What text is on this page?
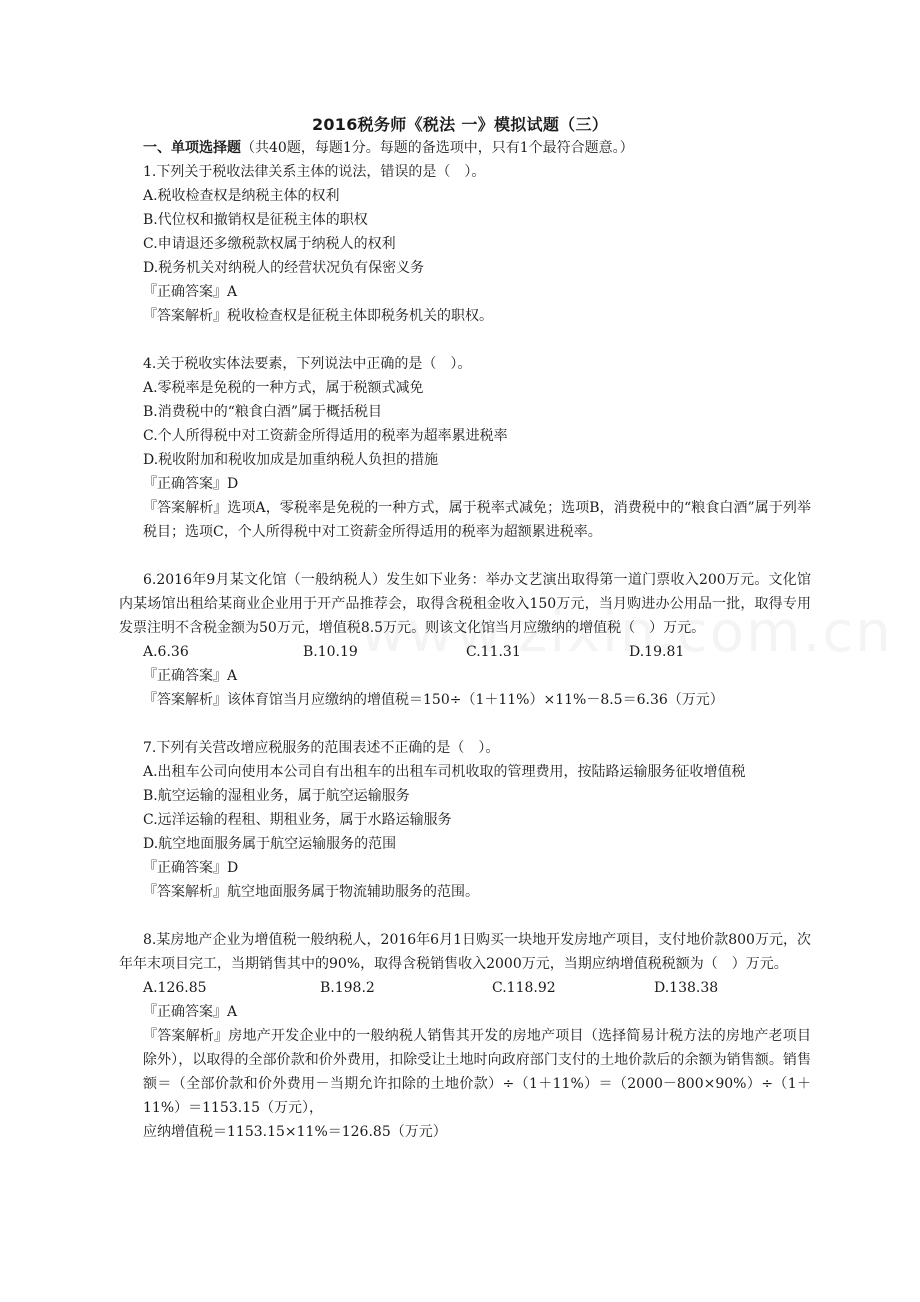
2016税务师《税法 一》模拟试题（三）

一、单项选择题（共40题，每题1分。每题的备选项中，只有1个最符合题意。）

1.下列关于税收法律关系主体的说法，错误的是（　）。

A.税收检查权是纳税主体的权利

B.代位权和撤销权是征税主体的职权

C.申请退还多缴税款权属于纳税人的权利

D.税务机关对纳税人的经营状况负有保密义务

『正确答案』A

『答案解析』税收检查权是征税主体即税务机关的职权。

4.关于税收实体法要素，下列说法中正确的是（　）。

A.零税率是免税的一种方式，属于税额式减免

B.消费税中的“粮食白酒”属于概括税目

C.个人所得税中对工资薪金所得适用的税率为超率累进税率

D.税收附加和税收加成是加重纳税人负担的措施

『正确答案』D

『答案解析』选项A，零税率是免税的一种方式，属于税率式减免；选项B，消费税中的“粮食白酒”属于列举税目；选项C，个人所得税中对工资薪金所得适用的税率为超额累进税率。

6.2016年9月某文化馆（一般纳税人）发生如下业务：举办文艺演出取得第一道门票收入200万元。文化馆内某场馆出租给某商业企业用于开产品推荐会，取得含税租金收入150万元，当月购进办公用品一批，取得专用发票注明不含税金额为50万元，增值税8.5万元。则该文化馆当月应缴纳的增值税（　）万元。

A.6.36	B.10.19	C.11.31	D.19.81

『正确答案』A

『答案解析』该体育馆当月应缴纳的增值税＝150÷（1＋11%）×11%－8.5＝6.36（万元）

7.下列有关营改增应税服务的范围表述不正确的是（　）。

A.出租车公司向使用本公司自有出租车的出租车司机收取的管理费用，按陆路运输服务征收增值税

B.航空运输的湿租业务，属于航空运输服务

C.远洋运输的程租、期租业务，属于水路运输服务

D.航空地面服务属于航空运输服务的范围

『正确答案』D

『答案解析』航空地面服务属于物流辅助服务的范围。

8.某房地产企业为增值税一般纳税人，2016年6月1日购买一块地开发房地产项目，支付地价款800万元，次年年末项目完工，当期销售其中的90%，取得含税销售收入2000万元，当期应纳增值税税额为（　）万元。

A.126.85	B.198.2	C.118.92	D.138.38

『正确答案』A

『答案解析』房地产开发企业中的一般纳税人销售其开发的房地产项目（选择简易计税方法的房地产老项目除外），以取得的全部价款和价外费用，扣除受让土地时向政府部门支付的土地价款后的余额为销售额。销售额＝（全部价款和价外费用－当期允许扣除的土地价款）÷（1＋11%）＝（2000－800×90%）÷（1＋11%）＝1153.15（万元），

应纳增值税＝1153.15×11%＝126.85（万元）
